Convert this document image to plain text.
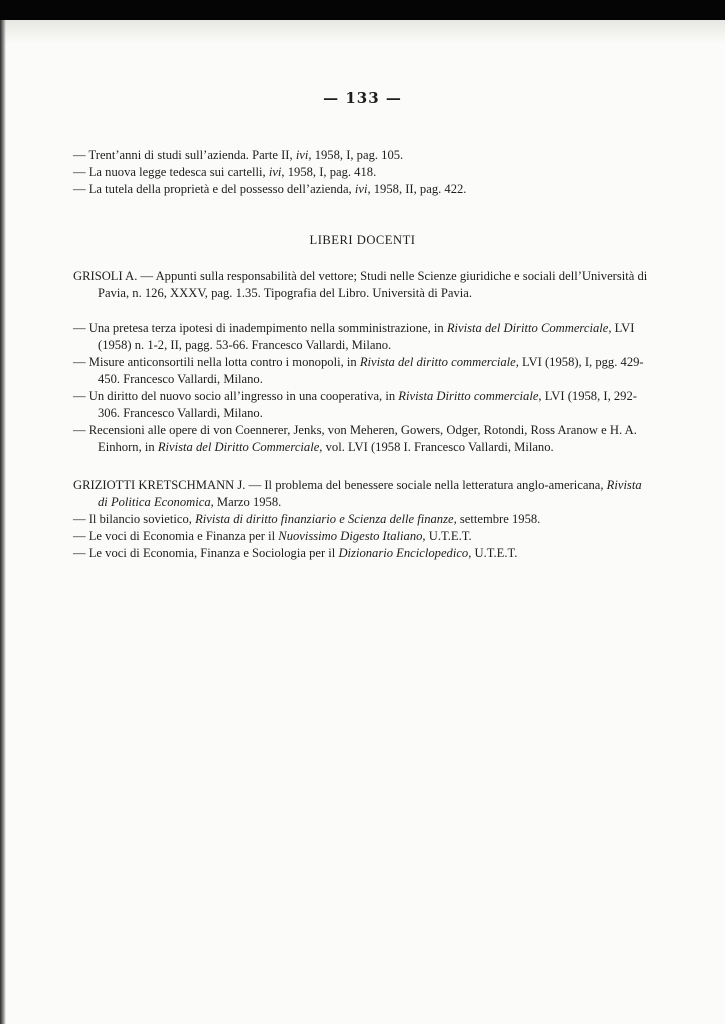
— 133 —

— Trent’anni di studi sull’azienda. Parte II, ivi, 1958, I, pag. 105.

— La nuova legge tedesca sui cartelli, ivi, 1958, I, pag. 418.

— La tutela della proprietà e del possesso dell’azienda, ivi, 1958, II, pag. 422.

LIBERI DOCENTI

GRISOLI A. — Appunti sulla responsabilità del vettore; Studi nelle Scienze giuridiche e sociali dell’Università di Pavia, n. 126, XXXV, pag. 1.35. Tipografia del Libro. Università di Pavia.

— Una pretesa terza ipotesi di inadempimento nella somministrazione, in Rivista del Diritto Commerciale, LVI (1958) n. 1-2, II, pagg. 53-66. Francesco Vallardi, Milano.

— Misure anticonsortili nella lotta contro i monopoli, in Rivista del diritto commerciale, LVI (1958), I, pgg. 429-450. Francesco Vallardi, Milano.

— Un diritto del nuovo socio all’ingresso in una cooperativa, in Rivista Diritto commerciale, LVI (1958, I, 292-306. Francesco Vallardi, Milano.

— Recensioni alle opere di von Coennerer, Jenks, von Meheren, Gowers, Odger, Rotondi, Ross Aranow e H. A. Einhorn, in Rivista del Diritto Commerciale, vol. LVI (1958 I. Francesco Vallardi, Milano.

GRIZIOTTI KRETSCHMANN J. — Il problema del benessere sociale nella letteratura anglo-americana, Rivista di Politica Economica, Marzo 1958.

— Il bilancio sovietico, Rivista di diritto finanziario e Scienza delle finanze, settembre 1958.

— Le voci di Economia e Finanza per il Nuovissimo Digesto Italiano, U.T.E.T.

— Le voci di Economia, Finanza e Sociologia per il Dizionario Enciclopedico, U.T.E.T.
